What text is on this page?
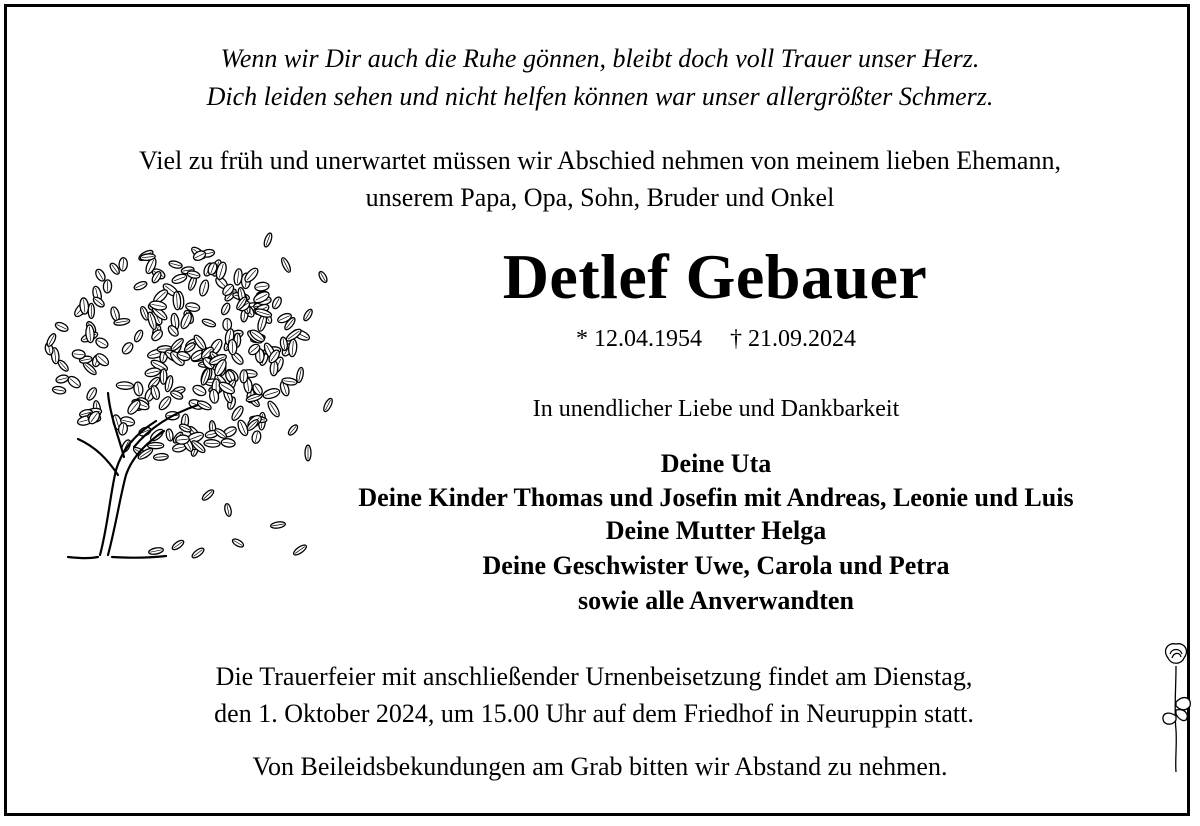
Wenn wir Dir auch die Ruhe gönnen, bleibt doch voll Trauer unser Herz.
Dich leiden sehen und nicht helfen können war unser allergrößter Schmerz.
Viel zu früh und unerwartet müssen wir Abschied nehmen von meinem lieben Ehemann,
unserem Papa, Opa, Sohn, Bruder und Onkel
Detlef Gebauer
* 12.04.1954 † 21.09.2024
In unendlicher Liebe und Dankbarkeit
Deine Uta
Deine Kinder Thomas und Josefin mit Andreas, Leonie und Luis
Deine Mutter Helga
Deine Geschwister Uwe, Carola und Petra
sowie alle Anverwandten
Die Trauerfeier mit anschließender Urnenbeisetzung findet am Dienstag,
den 1. Oktober 2024, um 15.00 Uhr auf dem Friedhof in Neuruppin statt.
Von Beileidsbekundungen am Grab bitten wir Abstand zu nehmen.
